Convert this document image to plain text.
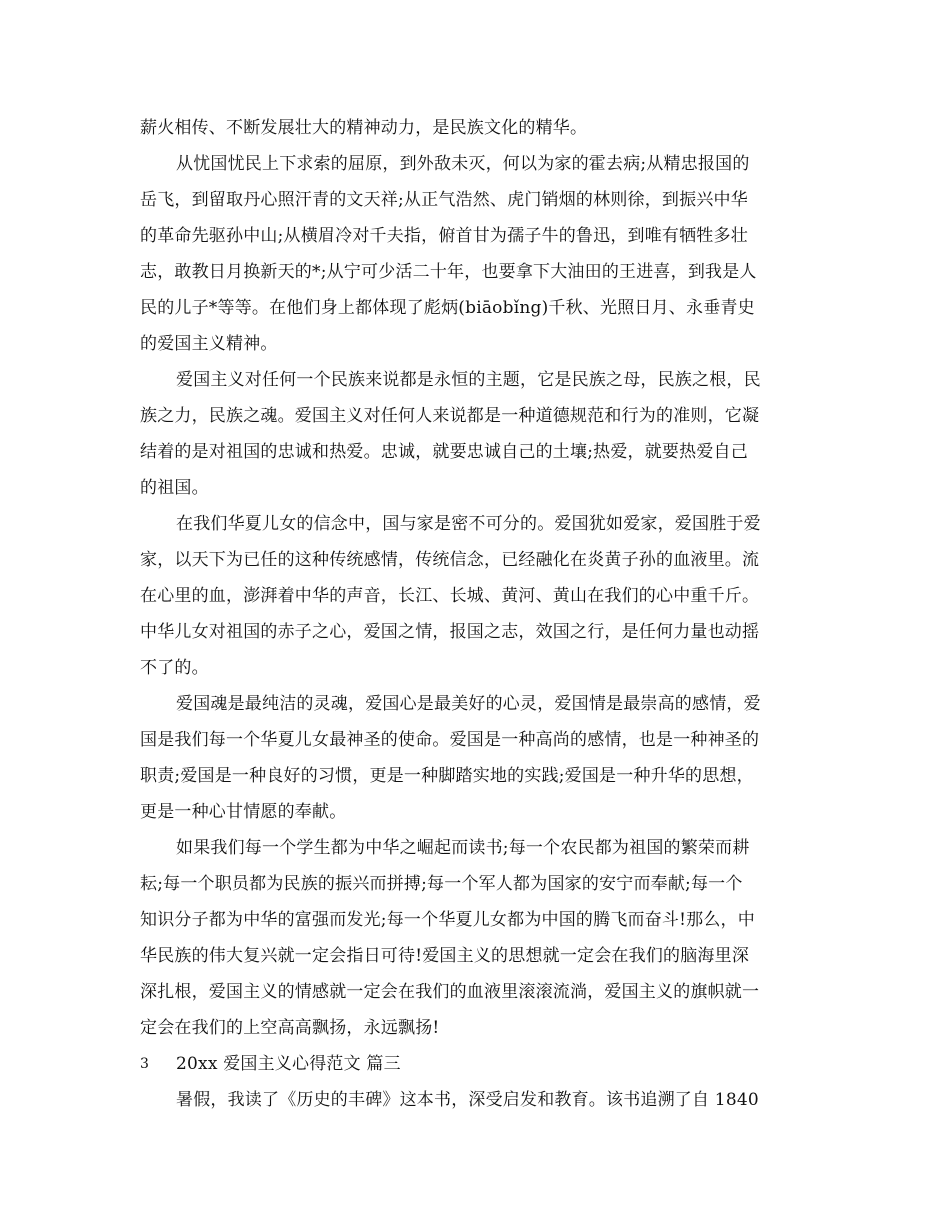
薪火相传、不断发展壮大的精神动力，是民族文化的精华。
从忧国忧民上下求索的屈原，到外敌未灭，何以为家的霍去病;从精忠报国的
岳飞，到留取丹心照汗青的文天祥;从正气浩然、虎门销烟的林则徐，到振兴中华
的革命先驱孙中山;从横眉冷对千夫指，俯首甘为孺子牛的鲁迅，到唯有牺牲多壮
志，敢教日月换新天的*;从宁可少活二十年，也要拿下大油田的王进喜，到我是人
民的儿子*等等。在他们身上都体现了彪炳(biāobǐng)千秋、光照日月、永垂青史
的爱国主义精神。
爱国主义对任何一个民族来说都是永恒的主题，它是民族之母，民族之根，民
族之力，民族之魂。爱国主义对任何人来说都是一种道德规范和行为的准则，它凝
结着的是对祖国的忠诚和热爱。忠诚，就要忠诚自己的土壤;热爱，就要热爱自己
的祖国。
在我们华夏儿女的信念中，国与家是密不可分的。爱国犹如爱家，爱国胜于爱
家，以天下为已任的这种传统感情，传统信念，已经融化在炎黄子孙的血液里。流
在心里的血，澎湃着中华的声音，长江、长城、黄河、黄山在我们的心中重千斤。
中华儿女对祖国的赤子之心，爱国之情，报国之志，效国之行，是任何力量也动摇
不了的。
爱国魂是最纯洁的灵魂，爱国心是最美好的心灵，爱国情是最崇高的感情，爱
国是我们每一个华夏儿女最神圣的使命。爱国是一种高尚的感情，也是一种神圣的
职责;爱国是一种良好的习惯，更是一种脚踏实地的实践;爱国是一种升华的思想，
更是一种心甘情愿的奉献。
如果我们每一个学生都为中华之崛起而读书;每一个农民都为祖国的繁荣而耕
耘;每一个职员都为民族的振兴而拼搏;每一个军人都为国家的安宁而奉献;每一个
知识分子都为中华的富强而发光;每一个华夏儿女都为中国的腾飞而奋斗!那么，中
华民族的伟大复兴就一定会指日可待!爱国主义的思想就一定会在我们的脑海里深
深扎根，爱国主义的情感就一定会在我们的血液里滚滚流淌，爱国主义的旗帜就一
定会在我们的上空高高飘扬，永远飘扬!
20xx 爱国主义心得范文 篇三
暑假，我读了《历史的丰碑》这本书，深受启发和教育。该书追溯了自 1840
3
